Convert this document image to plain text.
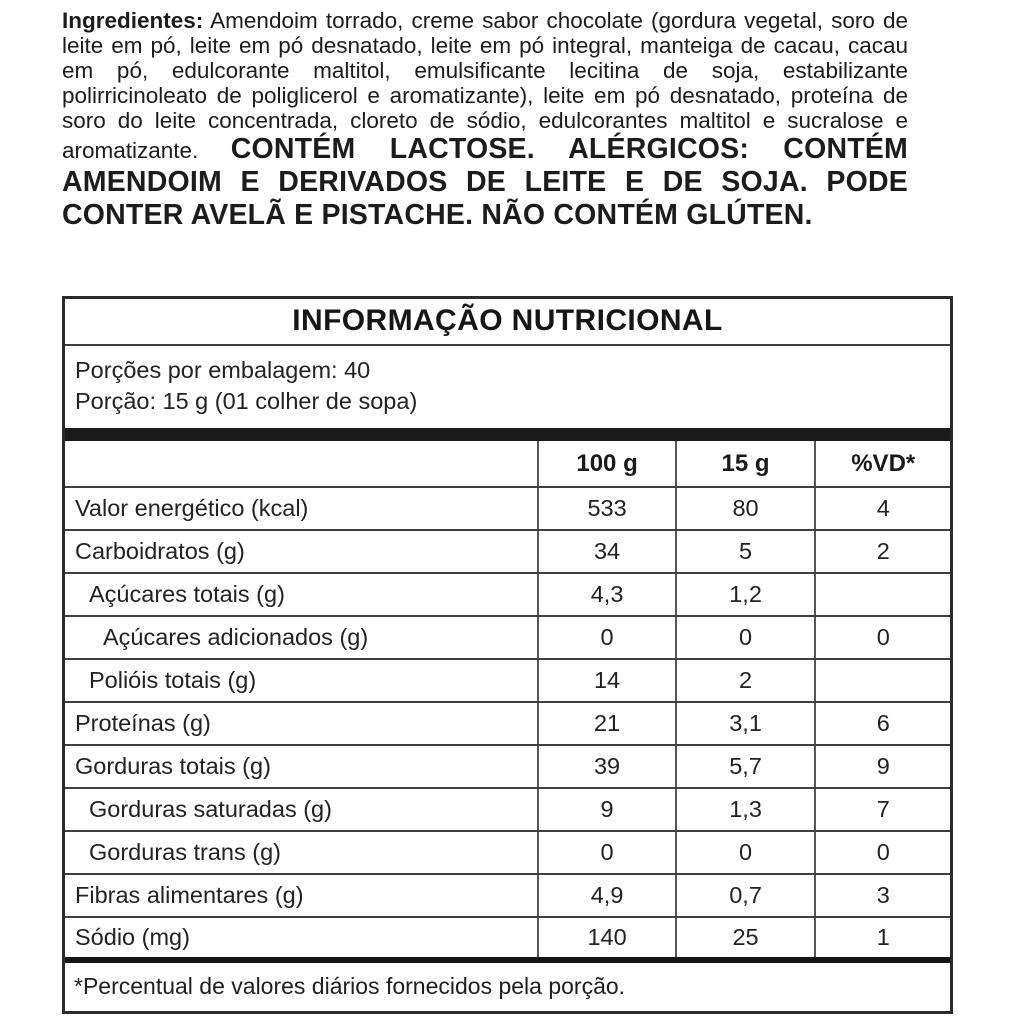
Ingredientes: Amendoim torrado, creme sabor chocolate (gordura vegetal, soro de leite em pó, leite em pó desnatado, leite em pó integral, manteiga de cacau, cacau em pó, edulcorante maltitol, emulsificante lecitina de soja, estabilizante polirricinoleato de poliglicerol e aromatizante), leite em pó desnatado, proteína de soro do leite concentrada, cloreto de sódio, edulcorantes maltitol e sucralose e aromatizante. CONTÉM LACTOSE. ALÉRGICOS: CONTÉM AMENDOIM E DERIVADOS DE LEITE E DE SOJA. PODE CONTER AVELÃ E PISTACHE. NÃO CONTÉM GLÚTEN.

INFORMAÇÃO NUTRICIONAL
Porções por embalagem: 40
Porção: 15 g (01 colher de sopa)
	100 g	15 g	%VD*
Valor energético (kcal)	533	80	4
Carboidratos (g)	34	5	2
Açúcares totais (g)	4,3	1,2	
Açúcares adicionados (g)	0	0	0
Polióis totais (g)	14	2	
Proteínas (g)	21	3,1	6
Gorduras totais (g)	39	5,7	9
Gorduras saturadas (g)	9	1,3	7
Gorduras trans (g)	0	0	0
Fibras alimentares (g)	4,9	0,7	3
Sódio (mg)	140	25	1
*Percentual de valores diários fornecidos pela porção.
